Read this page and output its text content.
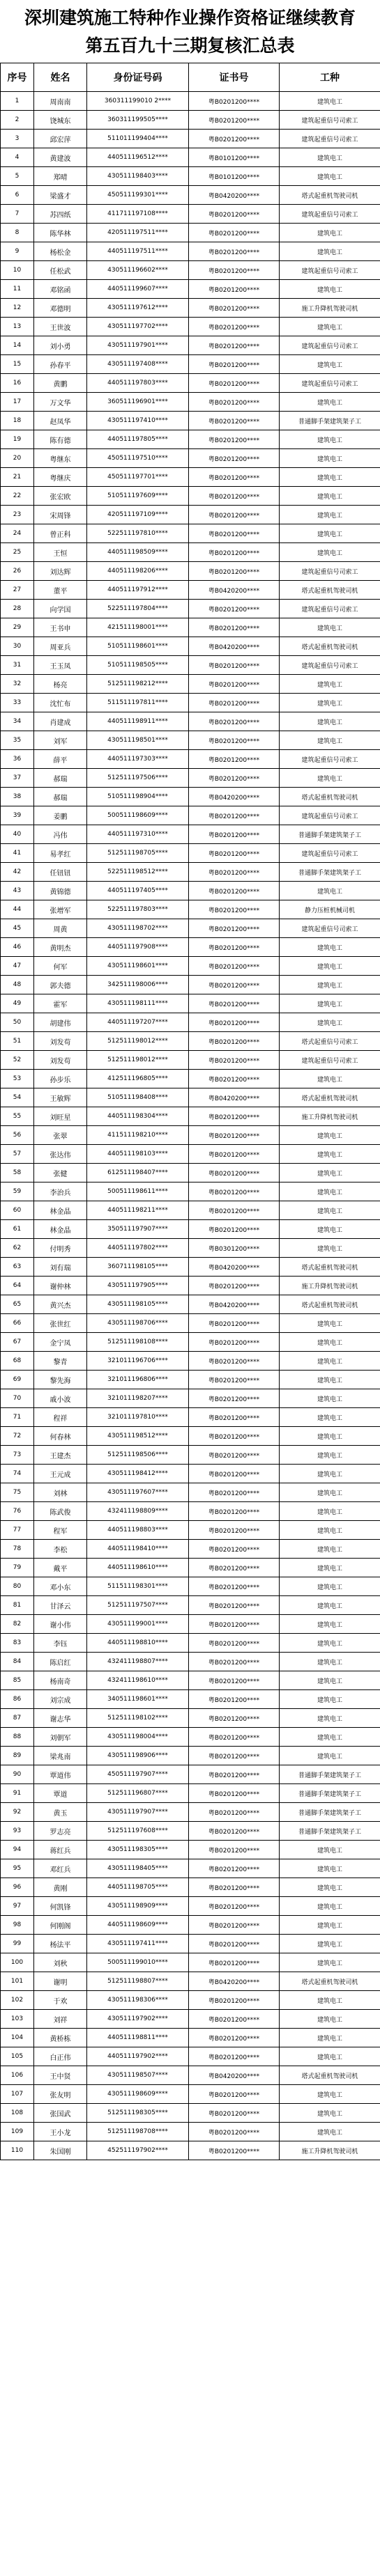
深圳建筑施工特种作业操作资格证继续教育
第五百九十三期复核汇总表
序号	姓名	身份证号码	证书号	工种
1	周南南	360311199010 2****	粤B0201200****	建筑电工
2	饶城东	360311199505****	粤B0201200****	建筑起重信号司索工
3	邱宏萍	511011199404****	粤B0201200****	建筑起重信号司索工
4	黄建波	440511196512****	粤B0101200****	建筑电工
5	郑晴	430511198403****	粤B0101200****	建筑电工
6	梁盛才	450511199301****	粤B0420200****	塔式起重机驾驶司机
7	苏四纸	411711197108****	粤B0201200****	建筑起重信号司索工
8	陈华林	420511197511****	粤B0201200****	建筑电工
9	杨松金	440511197511****	粤B0201200****	建筑电工
10	任松武	430511196602****	粤B0201200****	建筑起重信号司索工
11	邓铭函	440511199607****	粤B0201200****	建筑电工
12	邓德明	430511197612****	粤B0201200****	施工升降机驾驶司机
13	王世波	430511197702****	粤B0201200****	建筑电工
14	刘小勇	430511197901****	粤B0201200****	建筑起重信号司索工
15	孙春平	430511197408****	粤B0201200****	建筑电工
16	黄鹏	440511197803****	粤B0201200****	建筑起重信号司索工
17	万文华	360511196901****	粤B0201200****	建筑电工
18	赵凤华	430511197410****	粤B0201200****	普通脚手架建筑架子工
19	陈有德	440511197805****	粤B0201200****	建筑电工
20	粤继东	450511197510****	粤B0201200****	建筑电工
21	粤继庆	450511197701****	粤B0201200****	建筑电工
22	张宏欧	510511197609****	粤B0201200****	建筑电工
23	宋周锋	420511197109****	粤B0201200****	建筑电工
24	曾正科	522511197810****	粤B0201200****	建筑电工
25	王恒	440511198509****	粤B0201200****	建筑电工
26	刘达辉	440511198206****	粤B0201200****	建筑起重信号司索工
27	董平	440511197912****	粤B0420200****	塔式起重机驾驶司机
28	向学国	522511197804****	粤B0201200****	建筑起重信号司索工
29	王书申	421511198001****	粤B0201200****	建筑电工
30	周亚兵	510511198601****	粤B0420200****	塔式起重机驾驶司机
31	王玉凤	510511198505****	粤B0201200****	建筑起重信号司索工
32	杨亮	512511198212****	粤B0201200****	建筑电工
33	沈忙布	511511197811****	粤B0201200****	建筑电工
34	肖建成	440511198911****	粤B0201200****	建筑电工
35	刘军	430511198501****	粤B0201200****	建筑电工
36	薛平	440511197303****	粤B0201200****	建筑起重信号司索工
37	郝瑞	512511197506****	粤B0201200****	建筑电工
38	郝瑞	510511198904****	粤B0420200****	塔式起重机驾驶司机
39	姜鹏	500511198609****	粤B0201200****	建筑起重信号司索工
40	冯伟	440511197310****	粤B0201200****	普通脚手架建筑架子工
41	易孝红	512511198705****	粤B0201200****	建筑起重信号司索工
42	任钮钮	522511198512****	粤B0201200****	普通脚手架建筑架子工
43	黄锦德	440511197405****	粤B0201200****	建筑电工
44	张增军	522511197803****	粤B0201200****	静力压桩机械司机
45	周黄	430511198702****	粤B0201200****	建筑起重信号司索工
46	黄明杰	440511197908****	粤B0201200****	建筑电工
47	何军	430511198601****	粤B0201200****	建筑电工
48	郭夫德	342511198006****	粤B0201200****	建筑电工
49	霍军	430511198111****	粤B0201200****	建筑电工
50	胡建伟	440511197207****	粤B0201200****	建筑电工
51	刘发苟	512511198012****	粤B0201200****	塔式起重信号司索工
52	刘发苟	512511198012****	粤B0201200****	建筑起重信号司索工
53	孙步乐	412511196805****	粤B0201200****	建筑电工
54	王敏辉	510511198408****	粤B0420200****	塔式起重机驾驶司机
55	刘旺星	440511198304****	粤B0201200****	施工升降机驾驶司机
56	张翠	411511198210****	粤B0201200****	建筑电工
57	张达伟	440511198103****	粤B0201200****	建筑电工
58	张健	612511198407****	粤B0201200****	建筑电工
59	李治兵	500511198611****	粤B0201200****	建筑电工
60	林金晶	440511198211****	粤B0201200****	建筑电工
61	林金晶	350511197907****	粤B0201200****	建筑电工
62	付明秀	440511197802****	粤B0301200****	建筑电工
63	刘有瑞	360711198105****	粤B0420200****	塔式起重机驾驶司机
64	谢仲林	430511197905****	粤B0201200****	施工升降机驾驶司机
65	黄兴杰	430511198105****	粤B0420200****	塔式起重机驾驶司机
66	张世红	430511198706****	粤B0201200****	建筑电工
67	金宁凤	512511198108****	粤B0201200****	建筑电工
68	黎青	321011196706****	粤B0201200****	建筑电工
69	黎先海	321011196806****	粤B0201200****	建筑电工
70	戚小波	321011198207****	粤B0201200****	建筑电工
71	程祥	321011197810****	粤B0201200****	建筑电工
72	何春林	430511198512****	粤B0201200****	建筑电工
73	王建杰	512511198506****	粤B0201200****	建筑电工
74	王元成	430511198412****	粤B0201200****	建筑电工
75	刘林	430511197607****	粤B0201200****	建筑电工
76	陈武俊	432411198809****	粤B0201200****	建筑电工
77	程军	440511198803****	粤B0201200****	建筑电工
78	李松	440511198410****	粤B0201200****	建筑电工
79	戴平	440511198610****	粤B0201200****	建筑电工
80	邓小东	511511198301****	粤B0201200****	建筑电工
81	甘泽云	512511197507****	粤B0201200****	建筑电工
82	谢小伟	430511199001****	粤B0201200****	建筑电工
83	李钰	440511198810****	粤B0201200****	建筑电工
84	陈启红	432411198807****	粤B0201200****	建筑电工
85	杨南奇	432411198610****	粤B0201200****	建筑电工
86	刘宗成	340511198601****	粤B0201200****	建筑电工
87	谢志华	512511198102****	粤B0201200****	建筑电工
88	刘朝军	430511198004****	粤B0201200****	建筑电工
89	梁兆南	430511198906****	粤B0201200****	建筑电工
90	覃道伟	450511197907****	粤B0201200****	普通脚手架建筑架子工
91	覃道	512511196807****	粤B0201200****	普通脚手架建筑架子工
92	黄玉	430511197907****	粤B0201200****	普通脚手架建筑架子工
93	罗志亮	512511197608****	粤B0201200****	普通脚手架建筑架子工
94	蒋红兵	430511198305****	粤B0201200****	建筑电工
95	邓红兵	430511198405****	粤B0201200****	建筑电工
96	黄刚	440511198705****	粤B0201200****	建筑电工
97	何凯锋	430511198909****	粤B0201200****	建筑电工
98	何刚阁	440511198609****	粤B0201200****	建筑电工
99	杨法平	430511197411****	粤B0201200****	建筑电工
100	刘秋	500511199010****	粤B0201200****	建筑电工
101	谢明	512511198807****	粤B0420200****	塔式起重机驾驶司机
102	于欢	430511198306****	粤B0201200****	建筑电工
103	刘祥	430511197902****	粤B0201200****	建筑电工
104	黄桥栋	440511198811****	粤B0201200****	建筑电工
105	白正伟	440511197902****	粤B0201200****	建筑电工
106	王中贤	430511198507****	粤B0420200****	塔式起重机驾驶司机
107	张友明	430511198609****	粤B0201200****	建筑电工
108	张国武	512511198305****	粤B0201200****	建筑电工
109	王小龙	512511198708****	粤B0201200****	建筑电工
110	朱国刚	452511197902****	粤B0201200****	施工升降机驾驶司机
